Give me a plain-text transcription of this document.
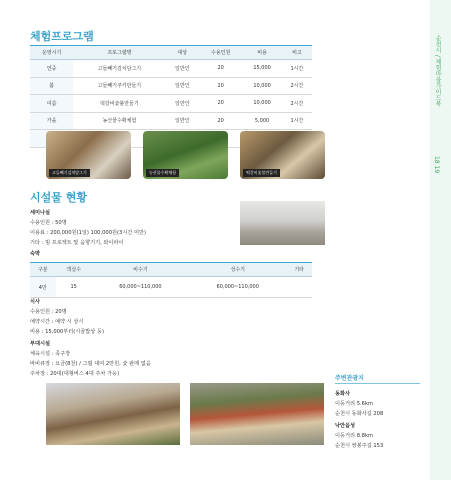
순천시 / 체험마을가이드북
18 19
체험프로그램
운영시기	프로그램명	대상	수용인원	비용	비고
연중	고들빼기김치담그기	일반인	20	15,000	1시간
봄	고들빼기쿠키만들기	일반인	20	10,000	2시간
여름	떡갈비숯불만들기	일반인	20	10,000	2시간
가을	농산물수확체험	일반인	20	5,000	1시간

고들빼기김치담그기	농산물수확체험	떡갈비숯불만들기
시설물 현황
세미나실
수용인원 : 50명
이용료 : 200,000원(1일) 100,000원(3시간 미만)
기타 : 빔 프로젝트 및 음향기기, 와이파이
숙박
구분	객실수	비수기	성수기	기타
4만	15	60,000~110,000	60,000~110,000	
식사
수용인원 : 20명
예약시간 : 예약 시 상시
비용 : 15,000부터(시골밥상 등)
부대시설
체육시설 : 족구장
바비큐장 : 요금(8천) / 그릴 대여 2만원, 숯 판매 없음
주차장 : 20대(대형버스 4대 주차 가능)
주변관광지
동화사
이동거리 5.6km
순천시 동화사길 208
낙안읍성
이동거리 8.8km
순천시 쌍봉주길 153
